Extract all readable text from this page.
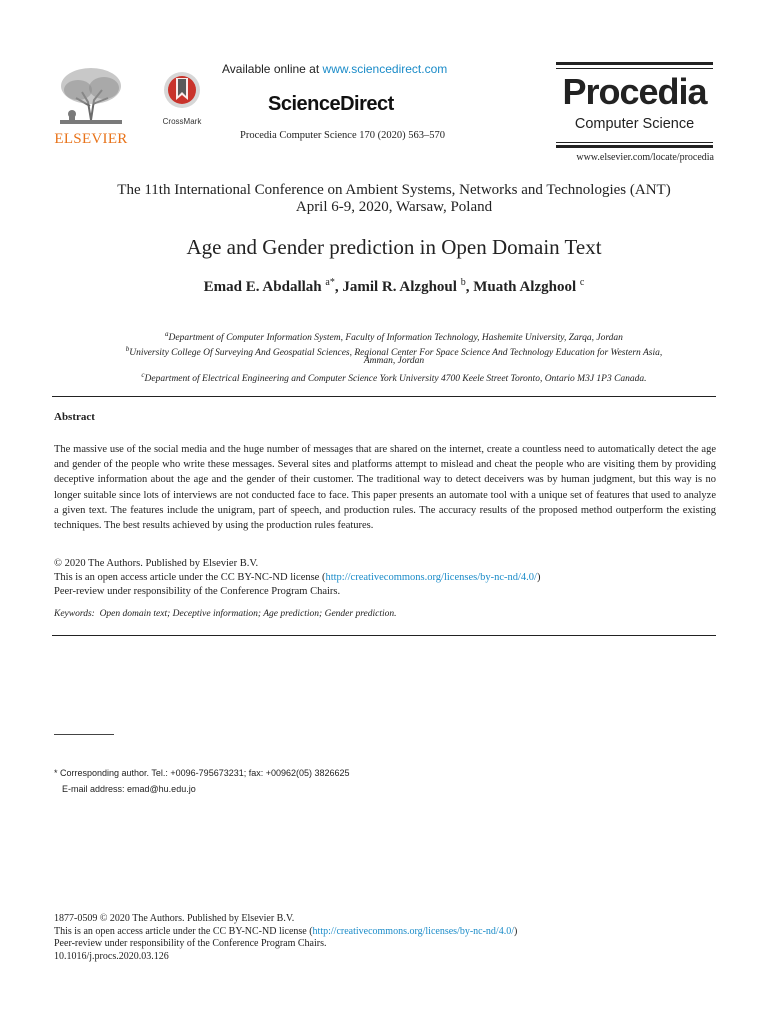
ELSEVIER
CrossMark
Available online at www.sciencedirect.com
ScienceDirect
Procedia Computer Science 170 (2020) 563–570
Procedia
Computer Science
www.elsevier.com/locate/procedia
The 11th International Conference on Ambient Systems, Networks and Technologies (ANT)
April 6-9, 2020, Warsaw, Poland
Age and Gender prediction in Open Domain Text
Emad E. Abdallah $^{a*}$, Jamil R. Alzghoul $^b$, Muath Alzghool $^c$
$^a$Department of Computer Information System, Faculty of Information Technology, Hashemite University, Zarqa, Jordan
$^b$University College Of Surveying And Geospatial Sciences, Regional Center For Space Science And Technology Education for Western Asia,
Amman, Jordan
$^c$Department of Electrical Engineering and Computer Science York University 4700 Keele Street Toronto, Ontario M3J 1P3 Canada.
Abstract
The massive use of the social media and the huge number of messages that are shared on the internet, create a countless need to automatically detect the age and gender of the people who write these messages. Several sites and platforms attempt to mislead and cheat the people who are visiting them by providing deceptive information about the age and the gender of their customer. The traditional way to detect deceivers was by human judgment, but this way is no longer suitable since lots of interviews are not conducted face to face. This paper presents an automate tool with a unique set of features that used to analyze a given text. The features include the unigram, part of speech, and production rules. The accuracy results of the proposed method outperform the existing techniques. The best results achieved by using the production rules features.
© 2020 The Authors. Published by Elsevier B.V.
This is an open access article under the CC BY-NC-ND license (http://creativecommons.org/licenses/by-nc-nd/4.0/)
Peer-review under responsibility of the Conference Program Chairs.
Keywords: Open domain text; Deceptive information; Age prediction; Gender prediction.
* Corresponding author. Tel.: +0096-795673231; fax: +00962(05) 3826625
E-mail address: emad@hu.edu.jo
1877-0509 © 2020 The Authors. Published by Elsevier B.V.
This is an open access article under the CC BY-NC-ND license (http://creativecommons.org/licenses/by-nc-nd/4.0/)
Peer-review under responsibility of the Conference Program Chairs.
10.1016/j.procs.2020.03.126
